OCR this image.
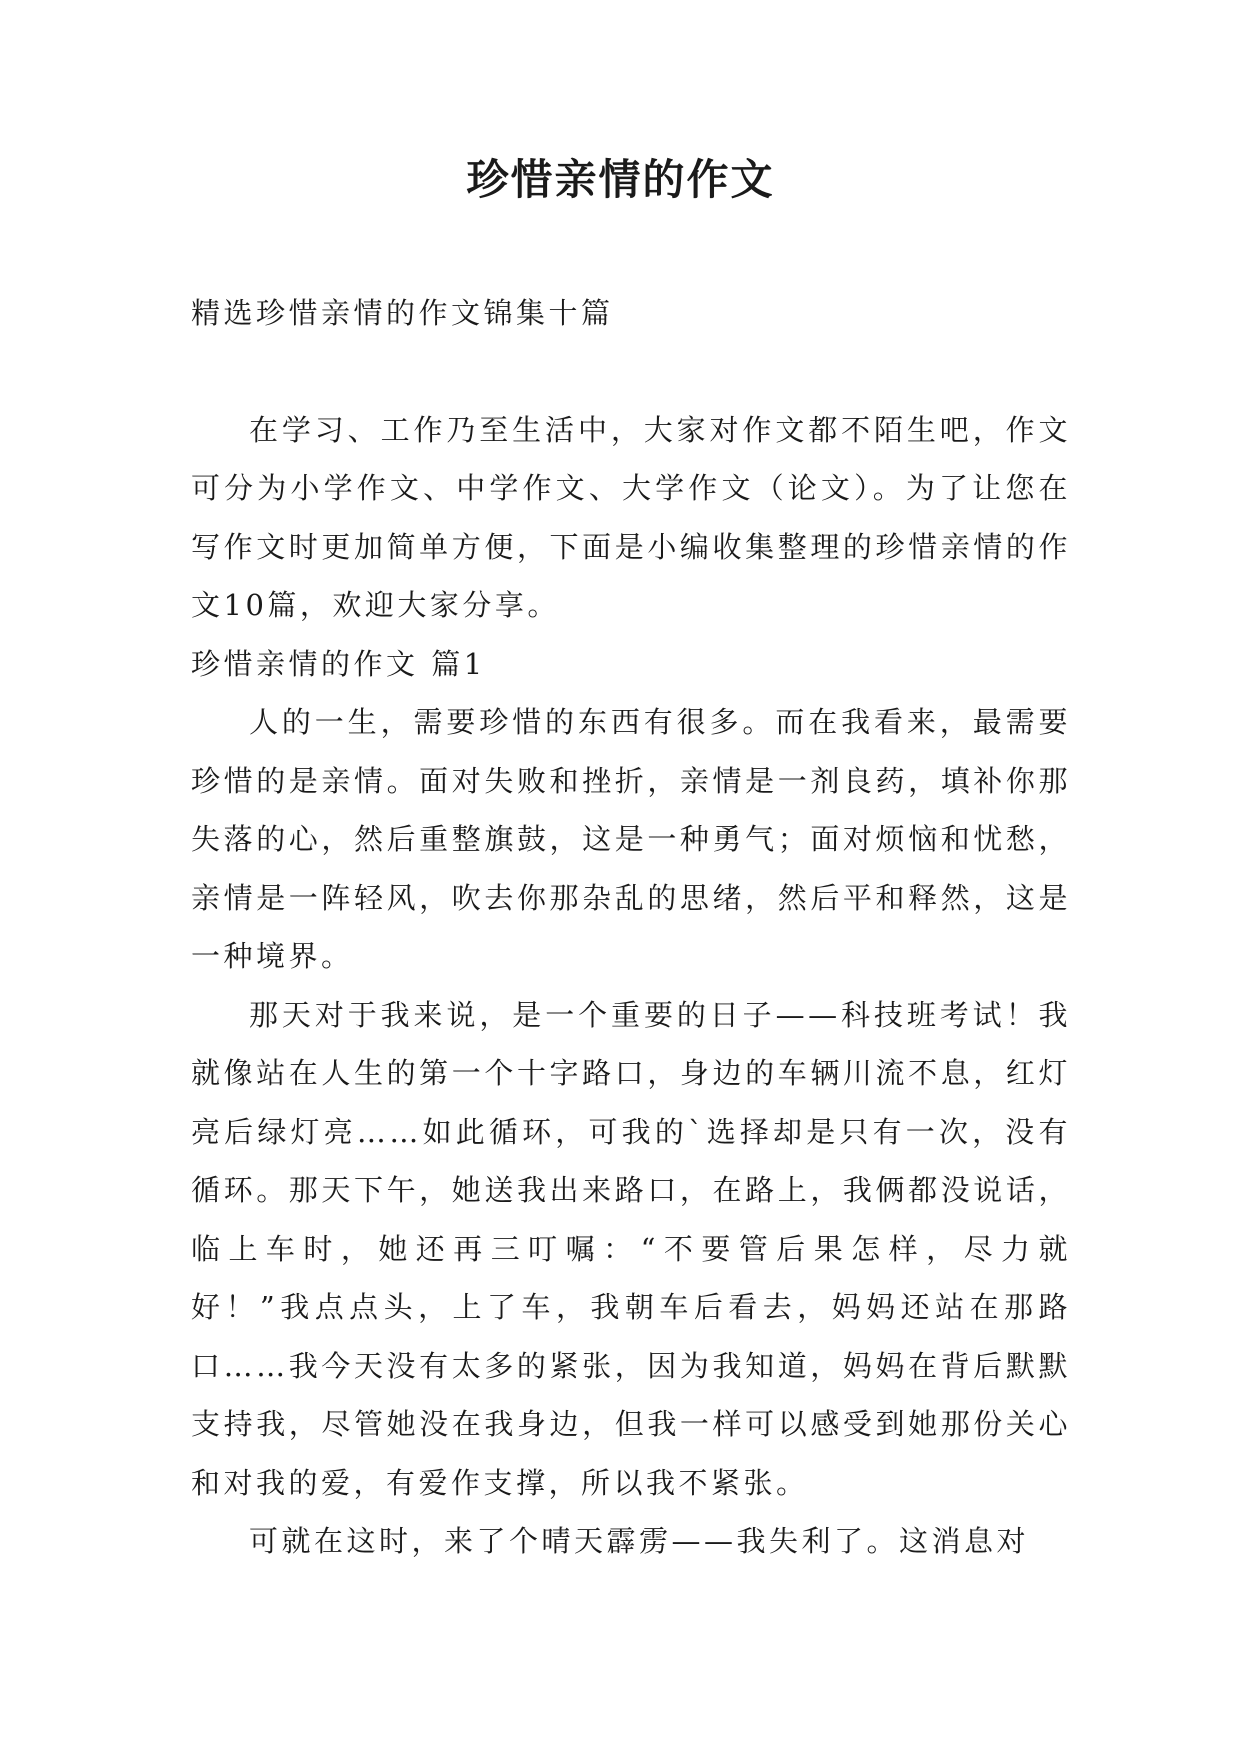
珍惜亲情的作文

精选珍惜亲情的作文锦集十篇

在学习、工作乃至生活中，大家对作文都不陌生吧，作文可分为小学作文、中学作文、大学作文（论文）。为了让您在写作文时更加简单方便，下面是小编收集整理的珍惜亲情的作文10篇，欢迎大家分享。

珍惜亲情的作文 篇1

人的一生，需要珍惜的东西有很多。而在我看来，最需要珍惜的是亲情。面对失败和挫折，亲情是一剂良药，填补你那失落的心，然后重整旗鼓，这是一种勇气；面对烦恼和忧愁，亲情是一阵轻风，吹去你那杂乱的思绪，然后平和释然，这是一种境界。

那天对于我来说，是一个重要的日子——科技班考试！我就像站在人生的第一个十字路口，身边的车辆川流不息，红灯亮后绿灯亮……如此循环，可我的`选择却是只有一次，没有循环。那天下午，她送我出来路口，在路上，我俩都没说话，临上车时，她还再三叮嘱：“不要管后果怎样，尽力就好！”我点点头，上了车，我朝车后看去，妈妈还站在那路口……我今天没有太多的紧张，因为我知道，妈妈在背后默默支持我，尽管她没在我身边，但我一样可以感受到她那份关心和对我的爱，有爱作支撑，所以我不紧张。

可就在这时，来了个晴天霹雳——我失利了。这消息对
